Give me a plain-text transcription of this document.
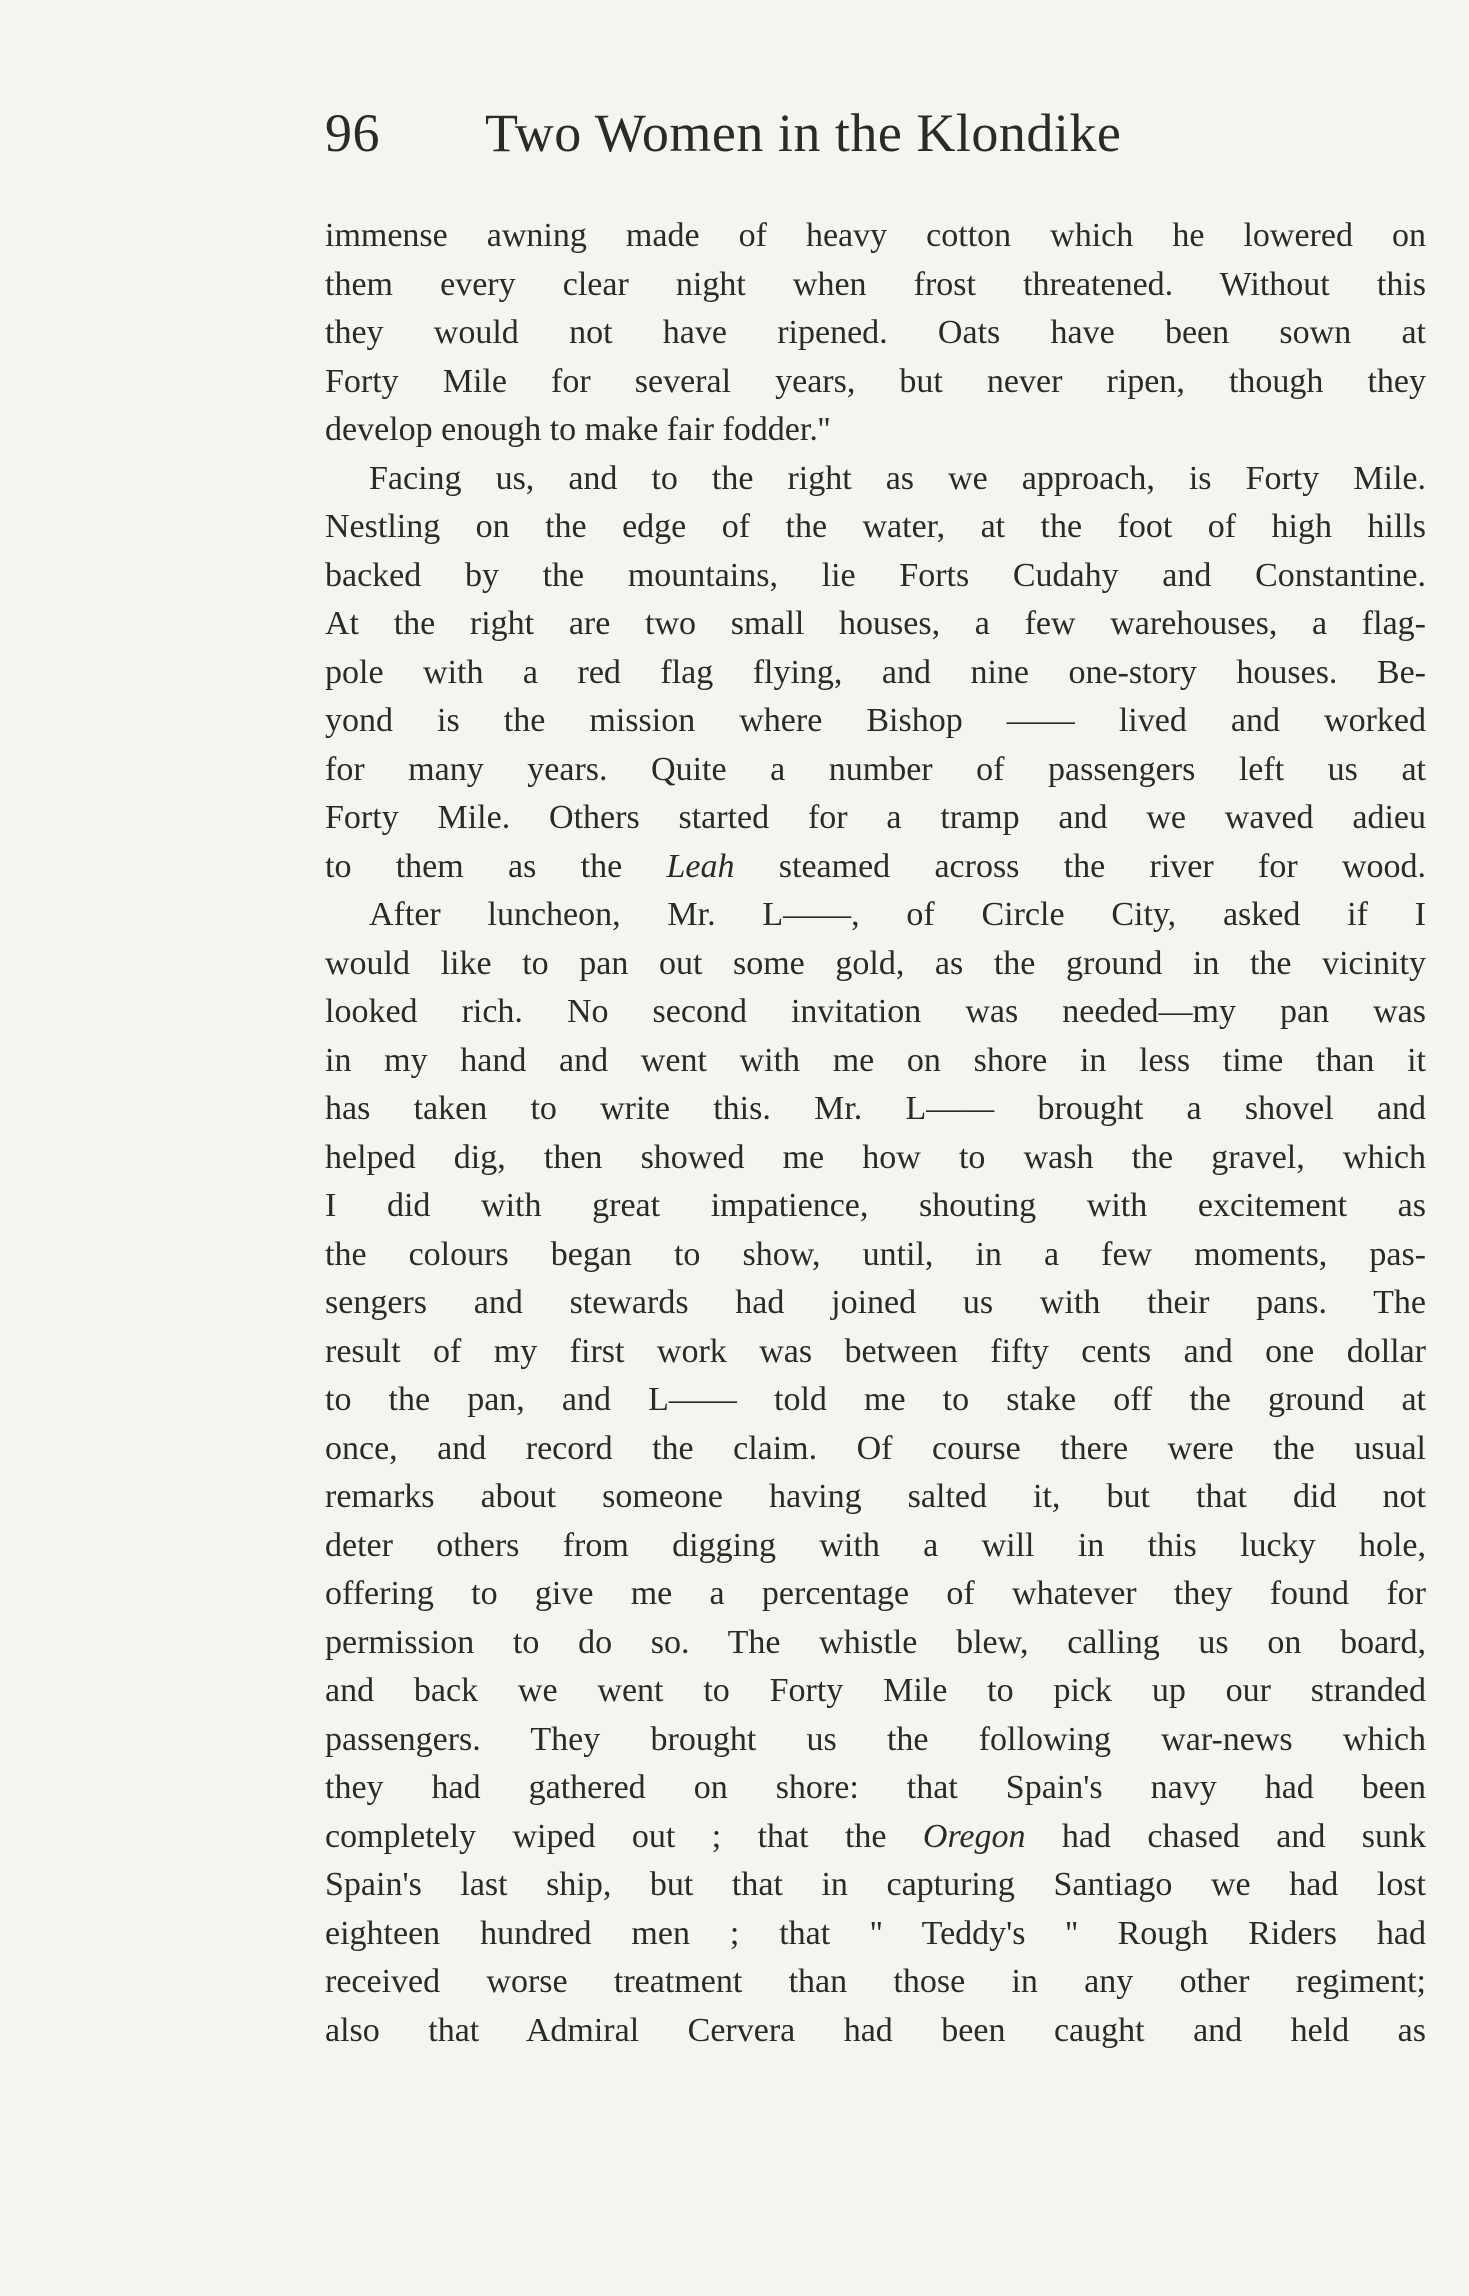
96 Two Women in the Klondike
immense awning made of heavy cotton which he lowered on
them every clear night when frost threatened. Without this
they would not have ripened. Oats have been sown at
Forty Mile for several years, but never ripen, though they
develop enough to make fair fodder.''
Facing us, and to the right as we approach, is Forty Mile.
Nestling on the edge of the water, at the foot of high hills
backed by the mountains, lie Forts Cudahy and Constantine.
At the right are two small houses, a few warehouses, a flag-
pole with a red flag flying, and nine one-story houses. Be-
yond is the mission where Bishop —— lived and worked
for many years. Quite a number of passengers left us at
Forty Mile. Others started for a tramp and we waved adieu
to them as the Leah steamed across the river for wood.
After luncheon, Mr. L——, of Circle City, asked if I
would like to pan out some gold, as the ground in the vicinity
looked rich. No second invitation was needed—my pan was
in my hand and went with me on shore in less time than it
has taken to write this. Mr. L—— brought a shovel and
helped dig, then showed me how to wash the gravel, which
I did with great impatience, shouting with excitement as
the colours began to show, until, in a few moments, pas-
sengers and stewards had joined us with their pans. The
result of my first work was between fifty cents and one dollar
to the pan, and L—— told me to stake off the ground at
once, and record the claim. Of course there were the usual
remarks about someone having salted it, but that did not
deter others from digging with a will in this lucky hole,
offering to give me a percentage of whatever they found for
permission to do so. The whistle blew, calling us on board,
and back we went to Forty Mile to pick up our stranded
passengers. They brought us the following war-news which
they had gathered on shore: that Spain's navy had been
completely wiped out ; that the Oregon had chased and sunk
Spain's last ship, but that in capturing Santiago we had lost
eighteen hundred men ; that '' Teddy's '' Rough Riders had
received worse treatment than those in any other regiment;
also that Admiral Cervera had been caught and held as
